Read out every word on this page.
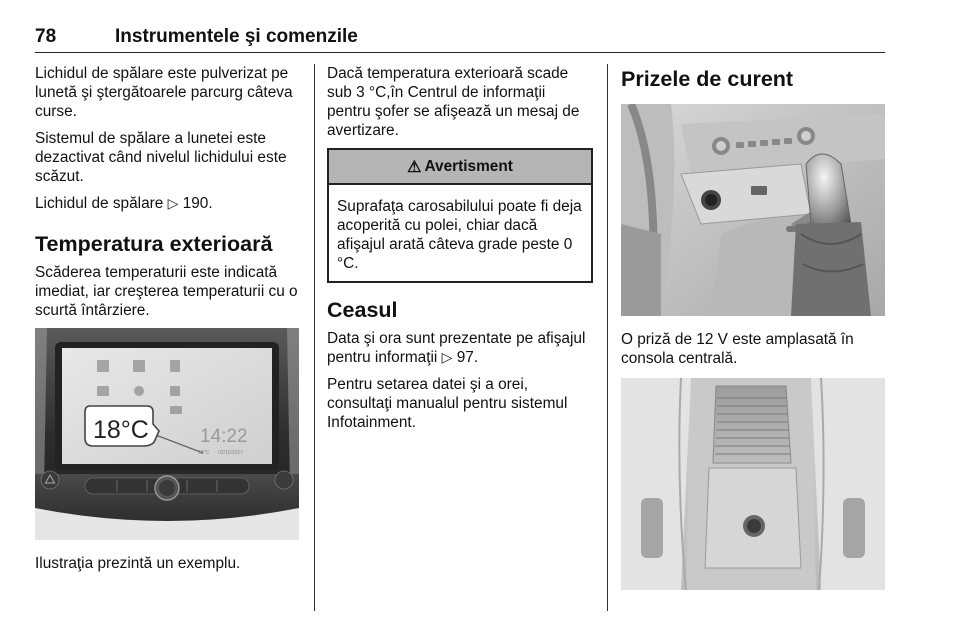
78	Instrumentele şi comenzile

Lichidul de spălare este pulverizat pe lunetă şi ştergătoarele parcurg câteva curse.

Sistemul de spălare a lunetei este dezactivat când nivelul lichidului este scăzut.

Lichidul de spălare ▷ 190.

Temperatura exterioară

Scăderea temperaturii este indicată imediat, iar creşterea temperaturii cu o scurtă întârziere.

18°C	14:22
18°C 02/15/2017

Ilustraţia prezintă un exemplu.

Dacă temperatura exterioară scade sub 3 °C,în Centrul de informaţii pentru şofer se afişează un mesaj de avertizare.

⚠ Avertisment

Suprafaţa carosabilului poate fi deja acoperită cu polei, chiar dacă afişajul arată câteva grade peste 0 °C.

Ceasul

Data şi ora sunt prezentate pe afişajul pentru informaţii ▷ 97.

Pentru setarea datei şi a orei, consultaţi manualul pentru sistemul Infotainment.

Prizele de curent

O priză de 12 V este amplasată în consola centrală.
